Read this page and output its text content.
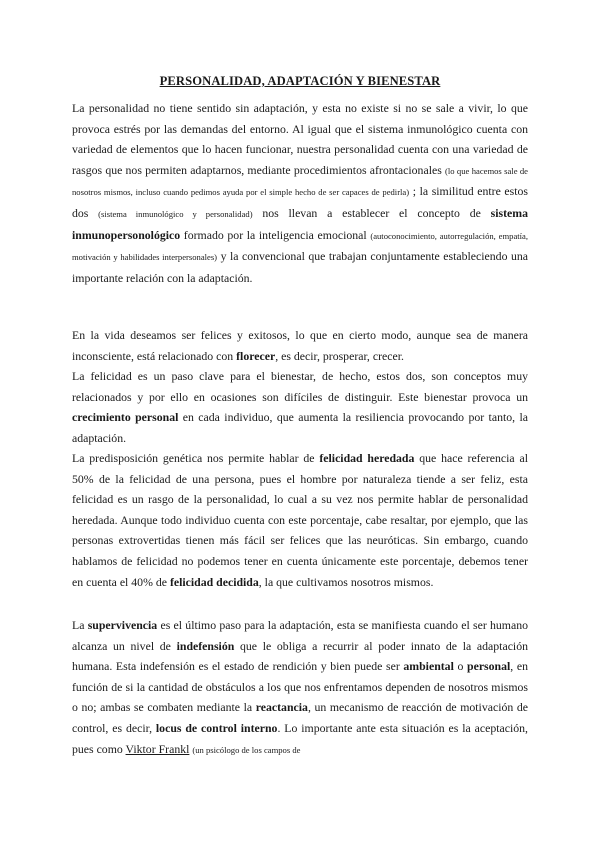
PERSONALIDAD, ADAPTACIÓN Y BIENESTAR

La personalidad no tiene sentido sin adaptación, y esta no existe si no se sale a vivir, lo que provoca estrés por las demandas del entorno. Al igual que el sistema inmunológico cuenta con variedad de elementos que lo hacen funcionar, nuestra personalidad cuenta con una variedad de rasgos que nos permiten adaptarnos, mediante procedimientos afrontacionales (lo que hacemos sale de nosotros mismos, incluso cuando pedimos ayuda por el simple hecho de ser capaces de pedirla) ; la similitud entre estos dos (sistema inmunológico y personalidad) nos llevan a establecer el concepto de sistema inmunopersonológico formado por la inteligencia emocional (autoconocimiento, autorregulación, empatía, motivación y habilidades interpersonales) y la convencional que trabajan conjuntamente estableciendo una importante relación con la adaptación.

En la vida deseamos ser felices y exitosos, lo que en cierto modo, aunque sea de manera inconsciente, está relacionado con florecer, es decir, prosperar, crecer.

La felicidad es un paso clave para el bienestar, de hecho, estos dos, son conceptos muy relacionados y por ello en ocasiones son difíciles de distinguir. Este bienestar provoca un crecimiento personal en cada individuo, que aumenta la resiliencia provocando por tanto, la adaptación.

La predisposición genética nos permite hablar de felicidad heredada que hace referencia al 50% de la felicidad de una persona, pues el hombre por naturaleza tiende a ser feliz, esta felicidad es un rasgo de la personalidad, lo cual a su vez nos permite hablar de personalidad heredada. Aunque todo individuo cuenta con este porcentaje, cabe resaltar, por ejemplo, que las personas extrovertidas tienen más fácil ser felices que las neuróticas. Sin embargo, cuando hablamos de felicidad no podemos tener en cuenta únicamente este porcentaje, debemos tener en cuenta el 40% de felicidad decidida, la que cultivamos nosotros mismos.

La supervivencia es el último paso para la adaptación, esta se manifiesta cuando el ser humano alcanza un nivel de indefensión que le obliga a recurrir al poder innato de la adaptación humana. Esta indefensión es el estado de rendición y bien puede ser ambiental o personal, en función de si la cantidad de obstáculos a los que nos enfrentamos dependen de nosotros mismos o no; ambas se combaten mediante la reactancia, un mecanismo de reacción de motivación de control, es decir, locus de control interno. Lo importante ante esta situación es la aceptación, pues como Viktor Frankl (un psicólogo de los campos de
